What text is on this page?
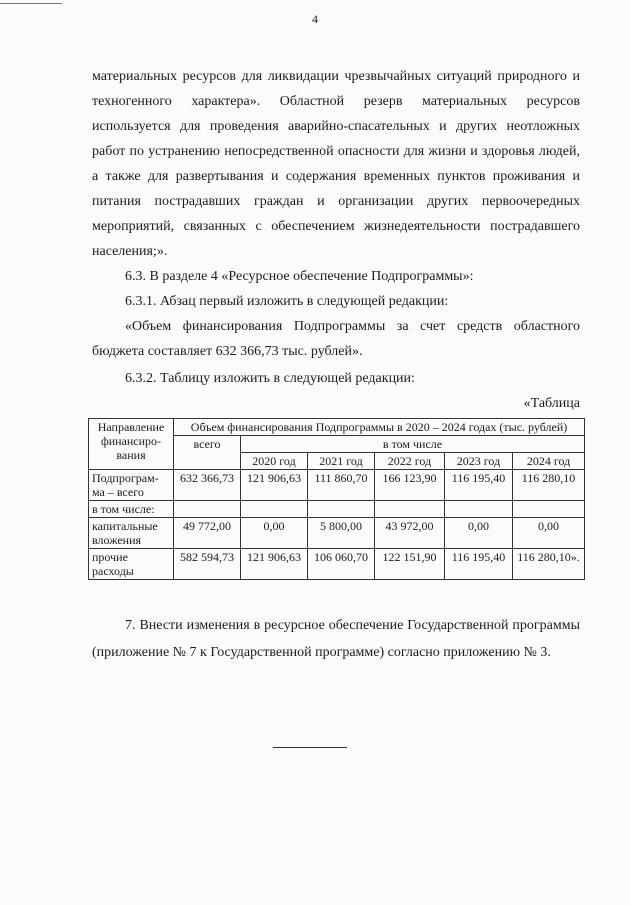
4

материальных ресурсов для ликвидации чрезвычайных ситуаций природного и техногенного характера». Областной резерв материальных ресурсов используется для проведения аварийно-спасательных и других неотложных работ по устранению непосредственной опасности для жизни и здоровья людей, а также для развертывания и содержания временных пунктов проживания и питания пострадавших граждан и организации других первоочередных мероприятий, связанных с обеспечением жизнедеятельности пострадавшего населения;».

6.3. В разделе 4 «Ресурсное обеспечение Подпрограммы»:

6.3.1. Абзац первый изложить в следующей редакции:

«Объем финансирования Подпрограммы за счет средств областного бюджета составляет 632 366,73 тыс. рублей».

6.3.2. Таблицу изложить в следующей редакции:

«Таблица

Направление финансиро-вания	Объем финансирования Подпрограммы в 2020 – 2024 годах (тыс. рублей)					
	всего	в том числе				
		2020 год	2021 год	2022 год	2023 год	2024 год
Подпрограм-ма – всего	632 366,73	121 906,63	111 860,70	166 123,90	116 195,40	116 280,10
в том числе:						
капитальные вложения	49 772,00	0,00	5 800,00	43 972,00	0,00	0,00
прочие расходы	582 594,73	121 906,63	106 060,70	122 151,90	116 195,40	116 280,10».

7. Внести изменения в ресурсное обеспечение Государственной программы (приложение № 7 к Государственной программе) согласно приложению № 3.
